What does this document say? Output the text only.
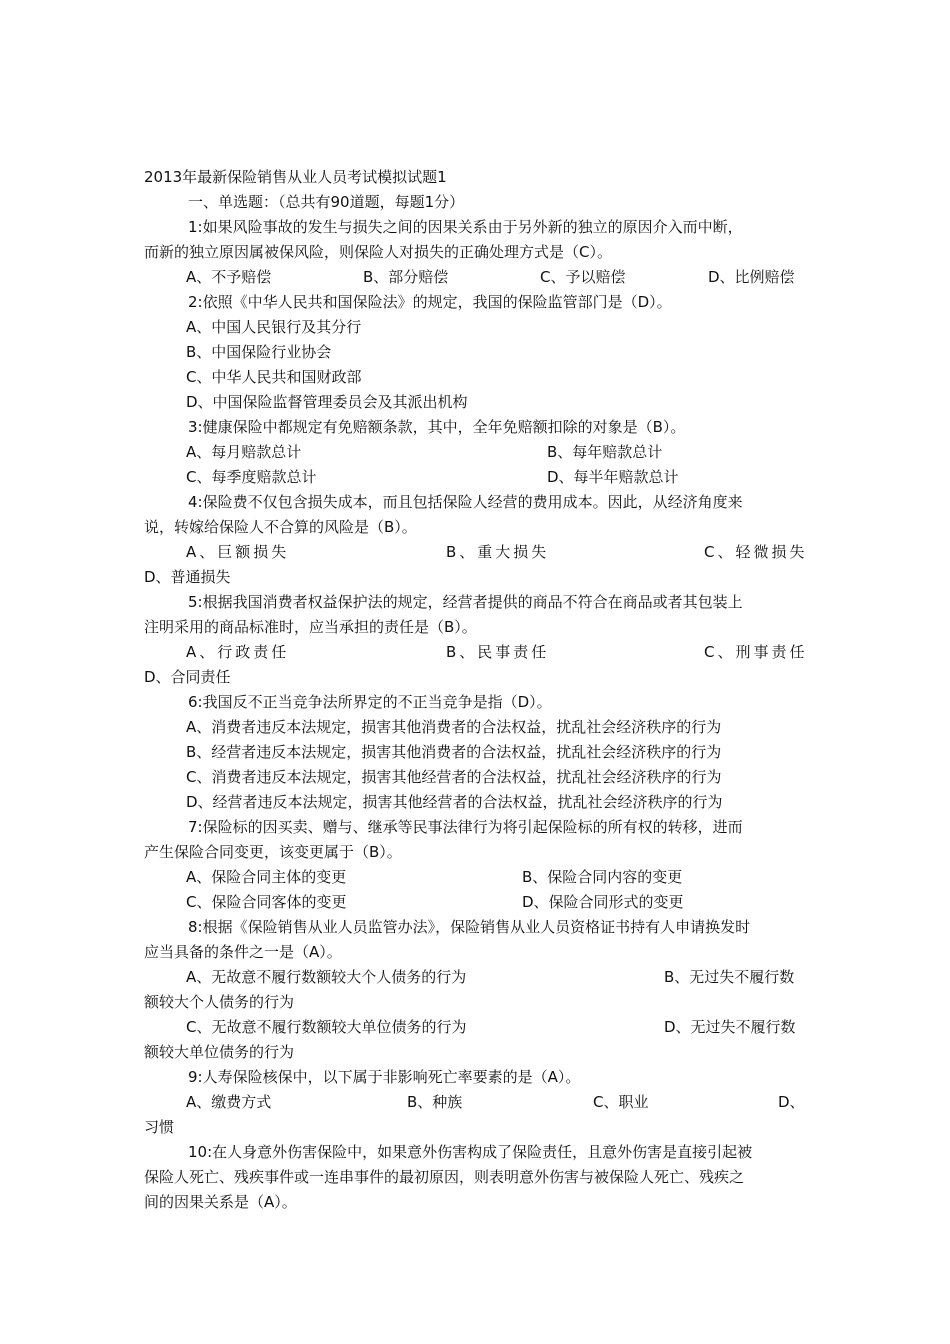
2013年最新保险销售从业人员考试模拟试题1
一、单选题：（总共有90道题，每题1分）
1:如果风险事故的发生与损失之间的因果关系由于另外新的独立的原因介入而中断，
而新的独立原因属被保风险，则保险人对损失的正确处理方式是（C）。
A、不予赔偿	B、部分赔偿	C、予以赔偿	D、比例赔偿
2:依照《中华人民共和国保险法》的规定，我国的保险监管部门是（D）。
A、中国人民银行及其分行
B、中国保险行业协会
C、中华人民共和国财政部
D、中国保险监督管理委员会及其派出机构
3:健康保险中都规定有免赔额条款，其中，全年免赔额扣除的对象是（B）。
A、每月赔款总计	B、每年赔款总计
C、每季度赔款总计	D、每半年赔款总计
4:保险费不仅包含损失成本，而且包括保险人经营的费用成本。因此，从经济角度来
说，转嫁给保险人不合算的风险是（B）。
A、巨额损失	B、重大损失	C、轻微损失
D、普通损失
5:根据我国消费者权益保护法的规定，经营者提供的商品不符合在商品或者其包装上
注明采用的商品标准时，应当承担的责任是（B）。
A、行政责任	B、民事责任	C、刑事责任
D、合同责任
6:我国反不正当竞争法所界定的不正当竞争是指（D）。
A、消费者违反本法规定，损害其他消费者的合法权益，扰乱社会经济秩序的行为
B、经营者违反本法规定，损害其他消费者的合法权益，扰乱社会经济秩序的行为
C、消费者违反本法规定，损害其他经营者的合法权益，扰乱社会经济秩序的行为
D、经营者违反本法规定，损害其他经营者的合法权益，扰乱社会经济秩序的行为
7:保险标的因买卖、赠与、继承等民事法律行为将引起保险标的所有权的转移，进而
产生保险合同变更，该变更属于（B）。
A、保险合同主体的变更	B、保险合同内容的变更
C、保险合同客体的变更	D、保险合同形式的变更
8:根据《保险销售从业人员监管办法》，保险销售从业人员资格证书持有人申请换发时
应当具备的条件之一是（A）。
A、无故意不履行数额较大个人债务的行为	B、无过失不履行数
额较大个人债务的行为
C、无故意不履行数额较大单位债务的行为	D、无过失不履行数
额较大单位债务的行为
9:人寿保险核保中，以下属于非影响死亡率要素的是（A）。
A、缴费方式	B、种族	C、职业	D、
习惯
10:在人身意外伤害保险中，如果意外伤害构成了保险责任，且意外伤害是直接引起被
保险人死亡、残疾事件或一连串事件的最初原因，则表明意外伤害与被保险人死亡、残疾之
间的因果关系是（A）。
